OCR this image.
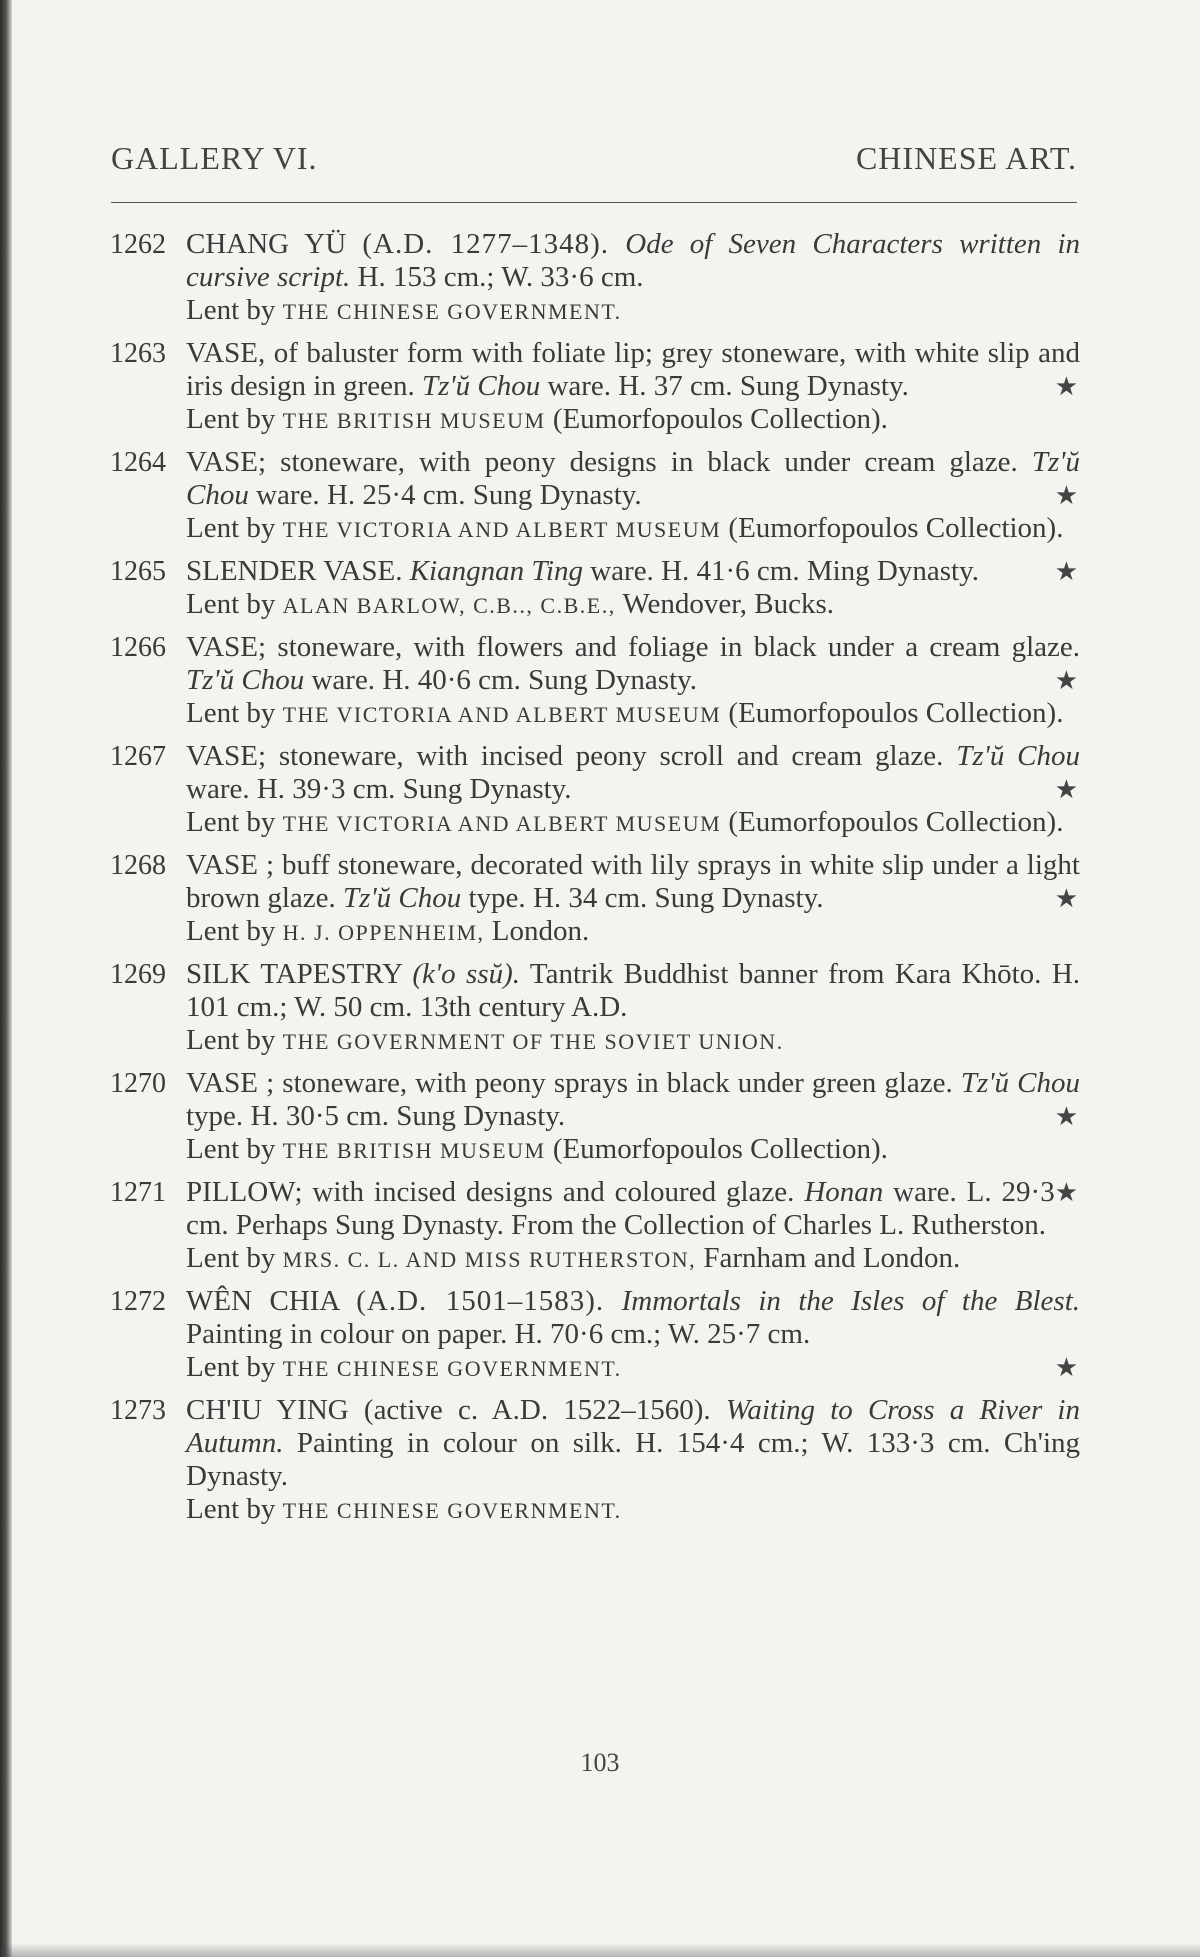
GALLERY VI.	CHINESE ART.
1262 CHANG YÜ (A.D. 1277–1348). Ode of Seven Characters written in cursive script. H. 153 cm.; W. 33·6 cm.
Lent by THE CHINESE GOVERNMENT.
1263 VASE, of baluster form with foliate lip; grey stoneware, with white slip and iris design in green. Tz'ŭ Chou ware.	★
H. 37 cm. Sung Dynasty.
Lent by THE BRITISH MUSEUM (Eumorfopoulos Collection).
1264 VASE; stoneware, with peony designs in black under cream glaze. Tz'ŭ Chou ware.	★
H. 25·4 cm. Sung Dynasty.
Lent by THE VICTORIA AND ALBERT MUSEUM (Eumorfopoulos Collection).
1265 SLENDER VASE. Kiangnan Ting ware.	★
H. 41·6 cm. Ming Dynasty.
Lent by ALAN BARLOW, C.B.., C.B.E., Wendover, Bucks.
1266 VASE; stoneware, with flowers and foliage in black under a cream glaze. Tz'ŭ Chou ware.	★
H. 40·6 cm. Sung Dynasty.
Lent by THE VICTORIA AND ALBERT MUSEUM (Eumorfopoulos Collection).
1267 VASE; stoneware, with incised peony scroll and cream glaze. Tz'ŭ Chou ware.	★
H. 39·3 cm. Sung Dynasty.
Lent by THE VICTORIA AND ALBERT MUSEUM (Eumorfopoulos Collection).
1268 VASE ; buff stoneware, decorated with lily sprays in white slip under a light brown glaze. Tz'ŭ Chou type.	★
H. 34 cm. Sung Dynasty.
Lent by H. J. OPPENHEIM, London.
1269 SILK TAPESTRY (k'o ssŭ). Tantrik Buddhist banner from Kara Khōto. H. 101 cm.; W. 50 cm. 13th century A.D.
Lent by THE GOVERNMENT OF THE SOVIET UNION.
1270 VASE ; stoneware, with peony sprays in black under green glaze. Tz'ŭ Chou type.	★
H. 30·5 cm. Sung Dynasty.
Lent by THE BRITISH MUSEUM (Eumorfopoulos Collection).
1271 PILLOW; with incised designs and coloured glaze. Honan ware.	★
L. 29·3 cm. Perhaps Sung Dynasty. From the Collection of Charles L. Rutherston.
Lent by MRS. C. L. AND MISS RUTHERSTON, Farnham and London.
1272 WÊN CHIA (A.D. 1501–1583). Immortals in the Isles of the Blest. Painting in colour on paper. H. 70·6 cm.; W. 25·7 cm.
★
Lent by THE CHINESE GOVERNMENT.
1273 CH'IU YING (active c. A.D. 1522–1560). Waiting to Cross a River in Autumn. Painting in colour on silk. H. 154·4 cm.; W. 133·3 cm. Ch'ing Dynasty.
Lent by THE CHINESE GOVERNMENT.
103
